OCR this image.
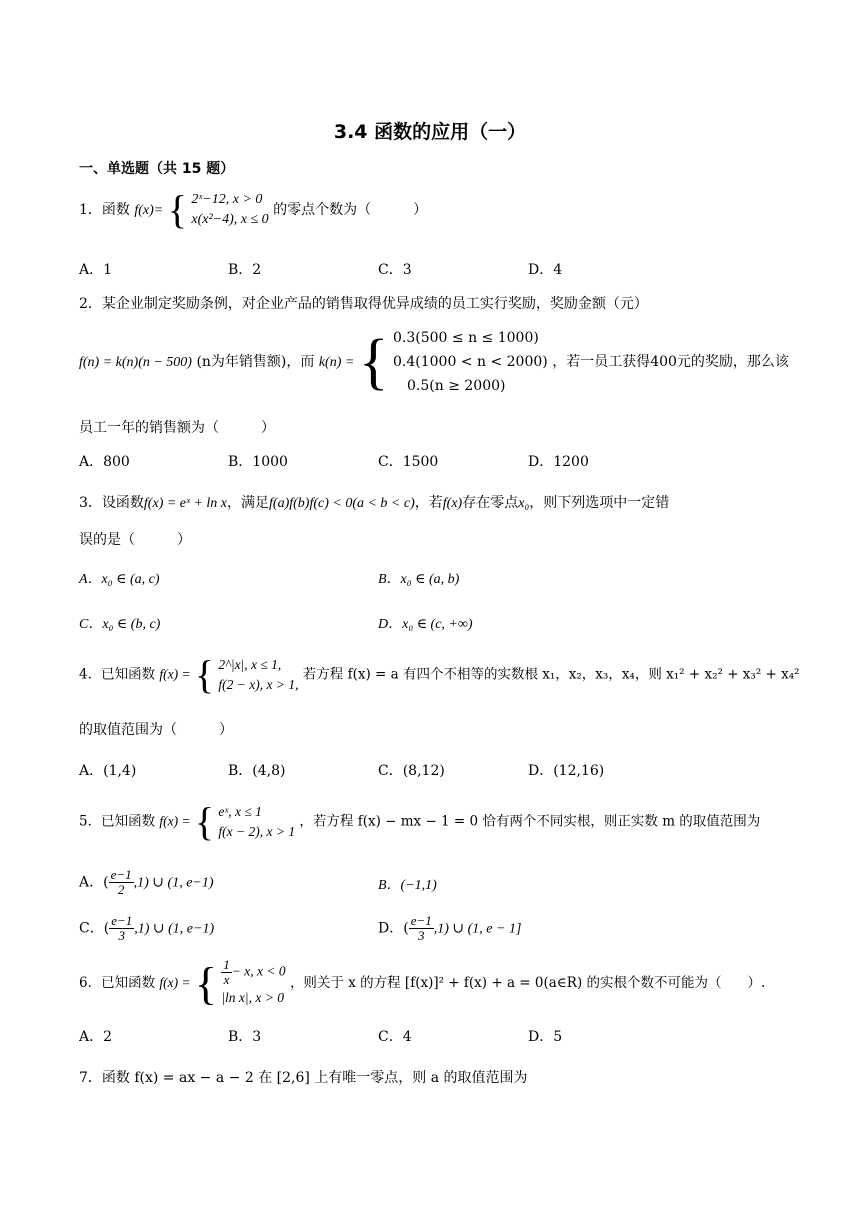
3.4 函数的应用（一）
一、单选题（共 15 题）
1．函数 f(x)= { 2ˣ−12, x > 0
x(x²−4), x ≤ 0
的零点个数为（	）
A．1	B．2	C．3	D．4
2．某企业制定奖励条例，对企业产品的销售取得优异成绩的员工实行奖励，奖励金额（元）
f(n) = k(n)(n − 500) (n为年销售额)，而 k(n) = { 0.3(500 ≤ n ≤ 1000)
0.4(1000 < n < 2000)
0.5(n ≥ 2000)
，若一员工获得400元的奖励，那么该
员工一年的销售额为（	）
A．800	B．1000	C．1500	D．1200
3．设函数f(x) = eˣ + ln x，满足f(a)f(b)f(c) < 0(a < b < c)，若f(x)存在零点x₀，则下列选项中一定错
误的是（	）
A．x₀ ∈ (a, c)	B．x₀ ∈ (a, b)
C．x₀ ∈ (b, c)	D．x₀ ∈ (c, +∞)
4．已知函数 f(x) = { 2^|x|, x ≤ 1,
f(2 − x), x > 1,
若方程 f(x) = a 有四个不相等的实数根 x₁，x₂，x₃，x₄，则 x₁² + x₂² + x₃² + x₄²
的取值范围为（	）
A．(1,4)	B．(4,8)	C．(8,12)	D．(12,16)
5．已知函数 f(x) = { eˣ, x ≤ 1
f(x − 2), x > 1
，若方程 f(x) − mx − 1 = 0 恰有两个不同实根，则正实数 m 的取值范围为
A．( $\frac{e-1}{2} ,1$) ∪ (1, e−1)	B．(−1,1)
C．( $\frac{e-1}{3} ,1$) ∪ (1, e−1)	D．( $\frac{e-1}{3} ,1$) ∪ (1, e − 1]
6．已知函数 f(x) = { $\frac{1}{x} - x$, x < 0
|ln x|, x > 0
，则关于 x 的方程 [f(x)]² + f(x) + a = 0(a∈R) 的实根个数不可能为（ ）.
A．2	B．3	C．4	D．5
7．函数 f(x) = ax − a − 2 在 [2,6] 上有唯一零点，则 a 的取值范围为
